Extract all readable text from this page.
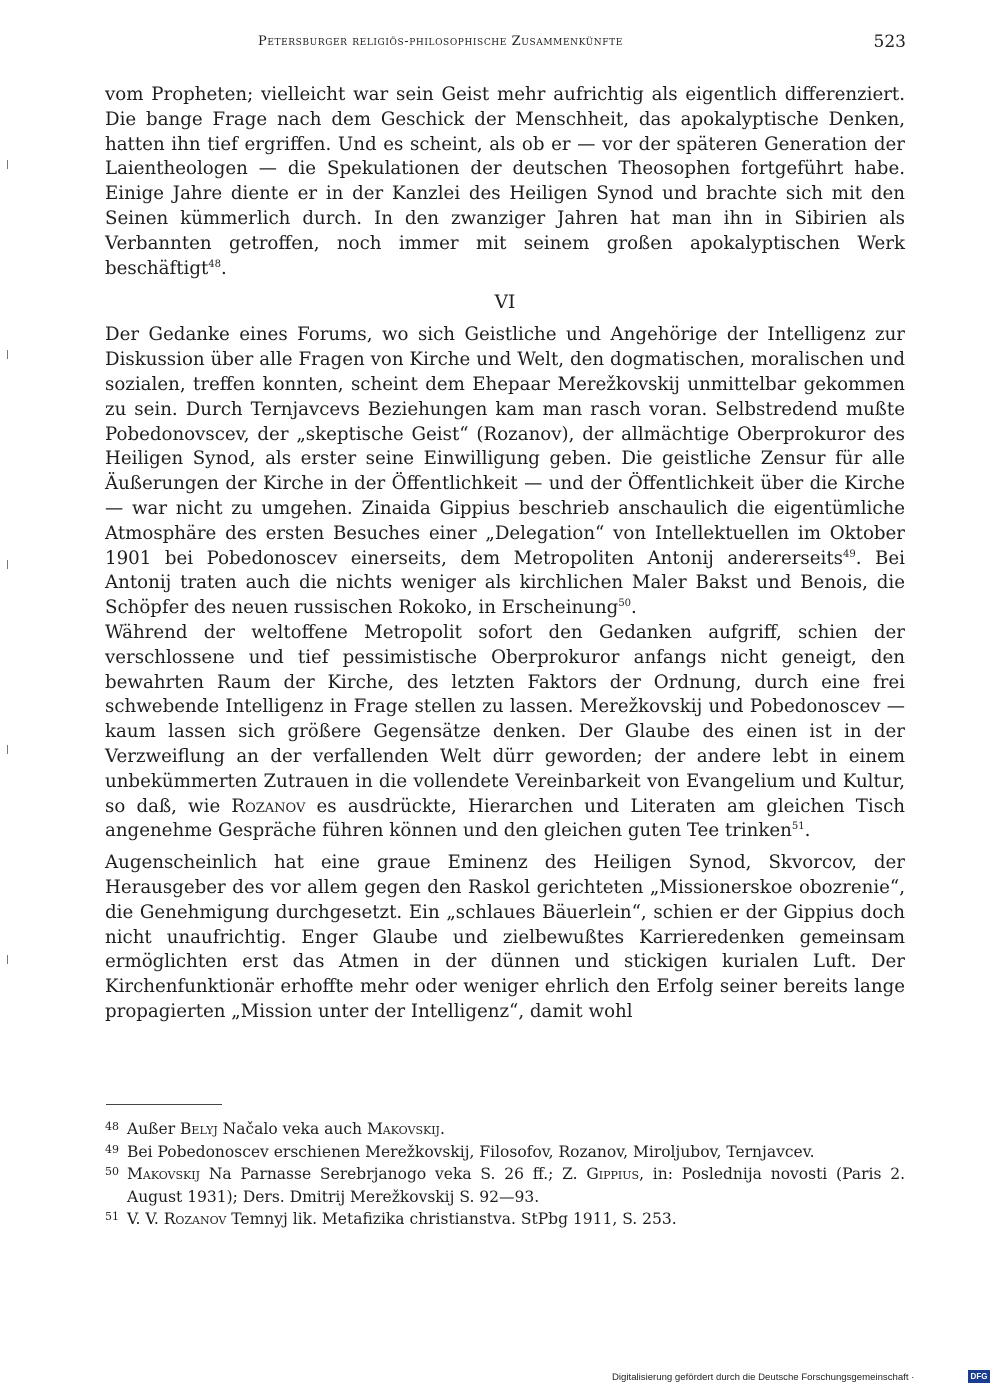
Petersburger religiös-philosophische Zusammenkünfte	523

vom Propheten; vielleicht war sein Geist mehr aufrichtig als eigentlich differenziert. Die bange Frage nach dem Geschick der Menschheit, das apokalyptische Denken, hatten ihn tief ergriffen. Und es scheint, als ob er — vor der späteren Generation der Laientheologen — die Spekulationen der deutschen Theosophen fortgeführt habe. Einige Jahre diente er in der Kanzlei des Heiligen Synod und brachte sich mit den Seinen kümmerlich durch. In den zwanziger Jahren hat man ihn in Sibirien als Verbannten getroffen, noch immer mit seinem großen apokalyptischen Werk beschäftigt$^{48}$.

VI

Der Gedanke eines Forums, wo sich Geistliche und Angehörige der Intelligenz zur Diskussion über alle Fragen von Kirche und Welt, den dogmatischen, moralischen und sozialen, treffen konnten, scheint dem Ehepaar Merežkovskij unmittelbar gekommen zu sein. Durch Ternjavcevs Beziehungen kam man rasch voran. Selbstredend mußte Pobedonovscev, der „skeptische Geist“ (Rozanov), der allmächtige Oberprokuror des Heiligen Synod, als erster seine Einwilligung geben. Die geistliche Zensur für alle Äußerungen der Kirche in der Öffentlichkeit — und der Öffentlichkeit über die Kirche — war nicht zu umgehen. Zinaida Gippius beschrieb anschaulich die eigentümliche Atmosphäre des ersten Besuches einer „Delegation“ von Intellektuellen im Oktober 1901 bei Pobedonoscev einerseits, dem Metropoliten Antonij andererseits$^{49}$. Bei Antonij traten auch die nichts weniger als kirchlichen Maler Bakst und Benois, die Schöpfer des neuen russischen Rokoko, in Erscheinung$^{50}$.

Während der weltoffene Metropolit sofort den Gedanken aufgriff, schien der verschlossene und tief pessimistische Oberprokuror anfangs nicht geneigt, den bewahrten Raum der Kirche, des letzten Faktors der Ordnung, durch eine frei schwebende Intelligenz in Frage stellen zu lassen. Merežkovskij und Pobedonoscev — kaum lassen sich größere Gegensätze denken. Der Glaube des einen ist in der Verzweiflung an der verfallenden Welt dürr geworden; der andere lebt in einem unbekümmerten Zutrauen in die vollendete Vereinbarkeit von Evangelium und Kultur, so daß, wie Rozanov es ausdrückte, Hierarchen und Literaten am gleichen Tisch angenehme Gespräche führen können und den gleichen guten Tee trinken$^{51}$.

Augenscheinlich hat eine graue Eminenz des Heiligen Synod, Skvorcov, der Herausgeber des vor allem gegen den Raskol gerichteten „Missionerskoe obozrenie“, die Genehmigung durchgesetzt. Ein „schlaues Bäuerlein“, schien er der Gippius doch nicht unaufrichtig. Enger Glaube und zielbewußtes Karrieredenken gemeinsam ermöglichten erst das Atmen in der dünnen und stickigen kurialen Luft. Der Kirchenfunktionär erhoffte mehr oder weniger ehrlich den Erfolg seiner bereits lange propagierten „Mission unter der Intelligenz“, damit wohl

48 Außer Belyj Načalo veka auch Makovskij.
49 Bei Pobedonoscev erschienen Merežkovskij, Filosofov, Rozanov, Miroljubov, Ternjavcev.
50 Makovskij Na Parnasse Serebrjanogo veka S. 26 ff.; Z. Gippius, in: Poslednija novosti (Paris 2. August 1931); Ders. Dmitrij Merežkovskij S. 92—93.
51 V. V. Rozanov Temnyj lik. Metafizika christianstva. StPbg 1911, S. 253.
Digitalisierung gefördert durch die Deutsche Forschungsgemeinschaft ·	DFG
